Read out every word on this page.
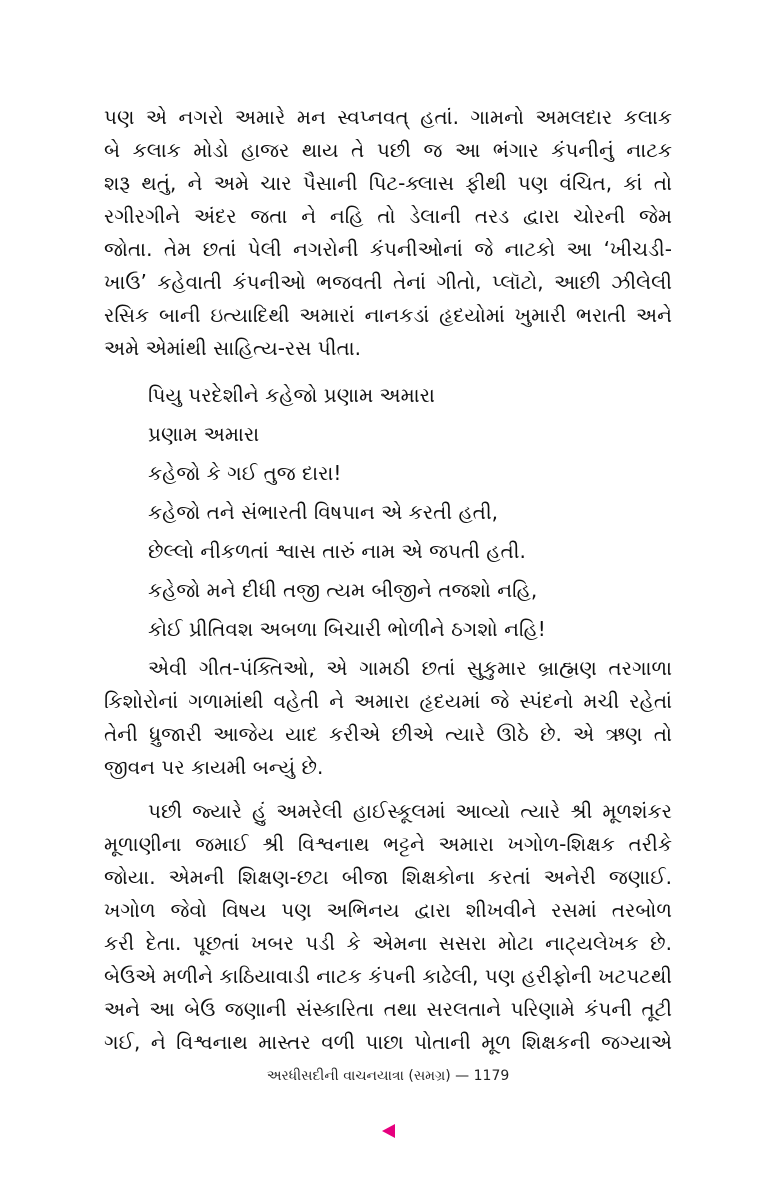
પણ એ નગરો અમારે મન સ્વપ્નવત્ હતાં. ગામનો અમલદાર કલાક
બે કલાક મોડો હાજર થાય તે પછી જ આ ભંગાર કંપનીનું નાટક
શરૂ થતું, ને અમે ચાર પૈસાની પિટ-ક્લાસ ફીથી પણ વંચિત, કાં તો
રગીરગીને અંદર જતા ને નહિ તો ડેલાની તરડ દ્વારા ચોરની જેમ
જોતા. તેમ છતાં પેલી નગરોની કંપનીઓનાં જે નાટકો આ ‘ખીચડી-
ખાઉ’ કહેવાતી કંપનીઓ ભજવતી તેનાં ગીતો, પ્લૉટો, આછી ઝીલેલી
રસિક બાની ઇત્યાદિથી અમારાં નાનકડાં હૃદયોમાં ખુમારી ભરાતી અને
અમે એમાંથી સાહિત્ય-રસ પીતા.
પિયુ પરદેશીને કહેજો પ્રણામ અમારા
પ્રણામ અમારા
કહેજો કે ગઈ તુજ દારા!
કહેજો તને સંભારતી વિષપાન એ કરતી હતી,
છેલ્લો નીકળતાં શ્વાસ તારું નામ એ જપતી હતી.
કહેજો મને દીધી તજી ત્યમ બીજીને તજશો નહિ,
કોઈ પ્રીતિવશ અબળા બિચારી ભોળીને ઠગશો નહિ!
એવી ગીત-પંક્તિઓ, એ ગામઠી છતાં સુકુમાર બ્રાહ્મણ તરગાળા
કિશોરોનાં ગળામાંથી વહેતી ને અમારા હૃદયમાં જે સ્પંદનો મચી રહેતાં
તેની ધ્રુજારી આજેય યાદ કરીએ છીએ ત્યારે ઊઠે છે. એ ઋણ તો
જીવન પર કાયમી બન્યું છે.
પછી જ્યારે હું અમરેલી હાઈસ્કૂલમાં આવ્યો ત્યારે શ્રી મૂળશંકર
મૂળાણીના જમાઈ શ્રી વિશ્વનાથ ભટ્ટને અમારા ખગોળ-શિક્ષક તરીકે
જોયા. એમની શિક્ષણ-છટા બીજા શિક્ષકોના કરતાં અનેરી જણાઈ.
ખગોળ જેવો વિષય પણ અભિનય દ્વારા શીખવીને રસમાં તરબોળ
કરી દેતા. પૂછતાં ખબર પડી કે એમના સસરા મોટા નાટ્યલેખક છે.
બેઉએ મળીને કાઠિયાવાડી નાટક કંપની કાઢેલી, પણ હરીફોની ખટપટથી
અને આ બેઉ જણાની સંસ્કારિતા તથા સરલતાને પરિણામે કંપની તૂટી
ગઈ, ને વિશ્વનાથ માસ્તર વળી પાછા પોતાની મૂળ શિક્ષકની જગ્યાએ
અરધીસદીની વાચનયાત્રા (સમગ્ર) — 1179
